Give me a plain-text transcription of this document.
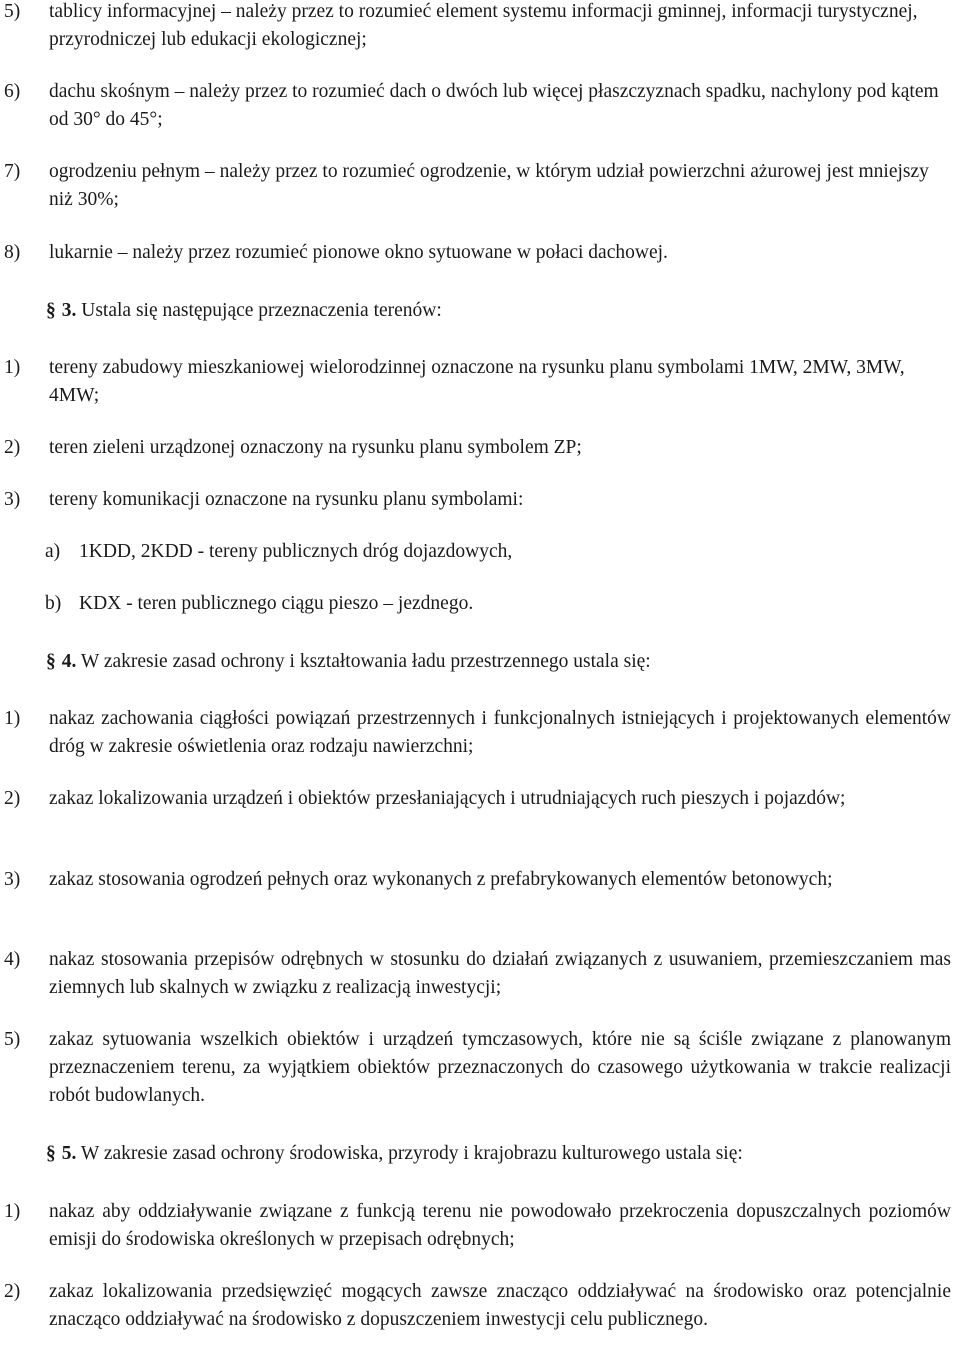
5) tablicy informacyjnej – należy przez to rozumieć element systemu informacji gminnej, informacji turystycznej, przyrodniczej lub edukacji ekologicznej;
6) dachu skośnym – należy przez to rozumieć dach o dwóch lub więcej płaszczyznach spadku, nachylony pod kątem od 30° do 45°;
7) ogrodzeniu pełnym – należy przez to rozumieć ogrodzenie, w którym udział powierzchni ażurowej jest mniejszy niż 30%;
8) lukarnie – należy przez rozumieć pionowe okno sytuowane w połaci dachowej.
§ 3. Ustala się następujące przeznaczenia terenów:
1) tereny zabudowy mieszkaniowej wielorodzinnej oznaczone na rysunku planu symbolami 1MW, 2MW, 3MW, 4MW;
2) teren zieleni urządzonej oznaczony na rysunku planu symbolem ZP;
3) tereny komunikacji oznaczone na rysunku planu symbolami:
a) 1KDD, 2KDD - tereny publicznych dróg dojazdowych,
b) KDX - teren publicznego ciągu pieszo – jezdnego.
§ 4. W zakresie zasad ochrony i kształtowania ładu przestrzennego ustala się:
1) nakaz zachowania ciągłości powiązań przestrzennych i funkcjonalnych istniejących i projektowanych elementów dróg w zakresie oświetlenia oraz rodzaju nawierzchni;
2) zakaz lokalizowania urządzeń i obiektów przesłaniających i utrudniających ruch pieszych i pojazdów;
3) zakaz stosowania ogrodzeń pełnych oraz wykonanych z prefabrykowanych elementów betonowych;
4) nakaz stosowania przepisów odrębnych w stosunku do działań związanych z usuwaniem, przemieszczaniem mas ziemnych lub skalnych w związku z realizacją inwestycji;
5) zakaz sytuowania wszelkich obiektów i urządzeń tymczasowych, które nie są ściśle związane z planowanym przeznaczeniem terenu, za wyjątkiem obiektów przeznaczonych do czasowego użytkowania w trakcie realizacji robót budowlanych.
§ 5. W zakresie zasad ochrony środowiska, przyrody i krajobrazu kulturowego ustala się:
1) nakaz aby oddziaływanie związane z funkcją terenu nie powodowało przekroczenia dopuszczalnych poziomów emisji do środowiska określonych w przepisach odrębnych;
2) zakaz lokalizowania przedsięwzięć mogących zawsze znacząco oddziaływać na środowisko oraz potencjalnie znacząco oddziaływać na środowisko z dopuszczeniem inwestycji celu publicznego.
